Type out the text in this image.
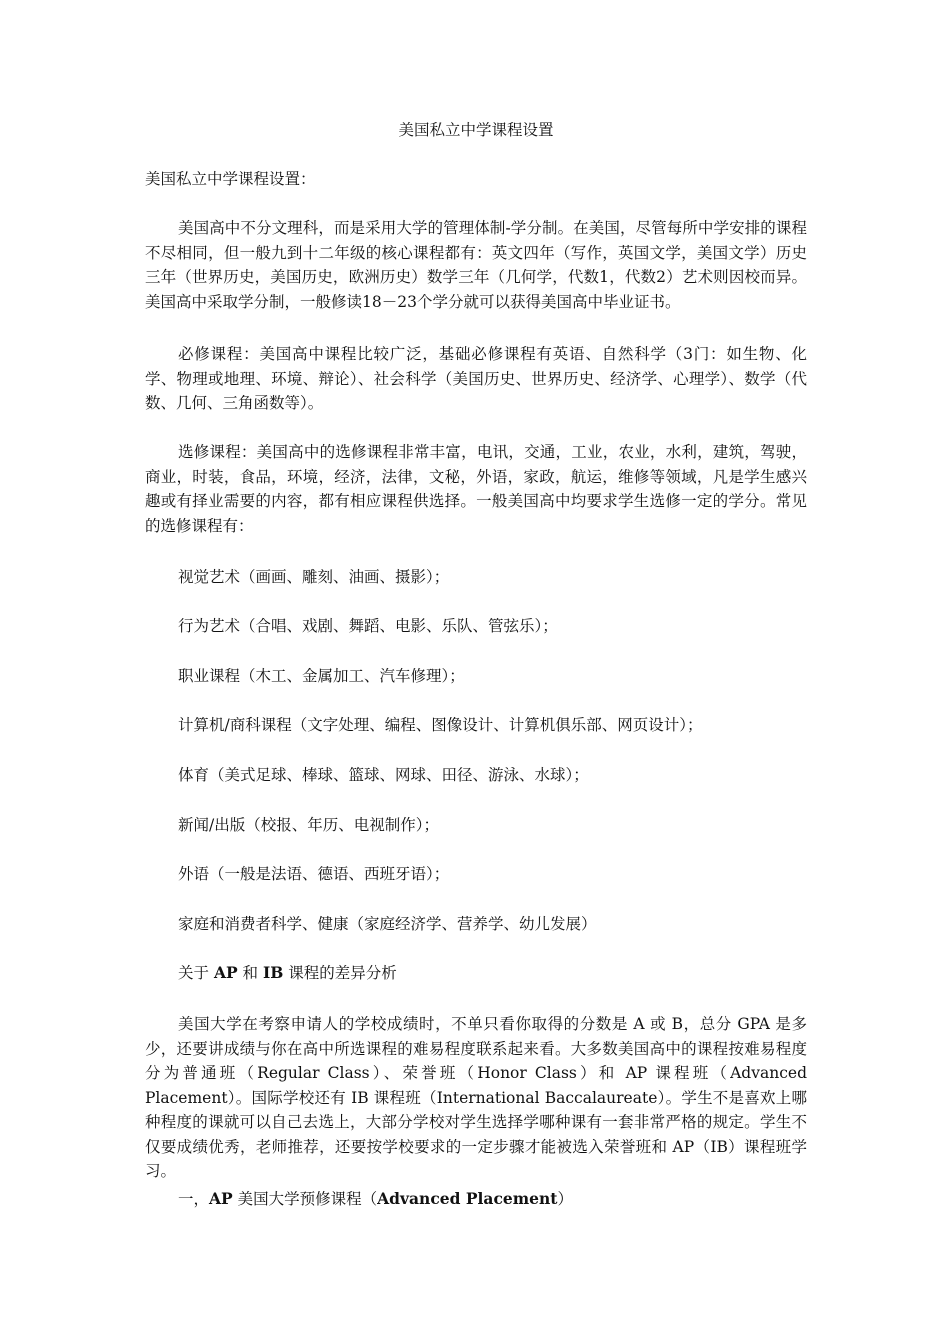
美国私立中学课程设置
美国私立中学课程设置：

美国高中不分文理科，而是采用大学的管理体制-学分制。在美国，尽管每所中学安排的课程不尽相同，但一般九到十二年级的核心课程都有：英文四年（写作，英国文学，美国文学）历史三年（世界历史，美国历史，欧洲历史）数学三年（几何学，代数1，代数2）艺术则因校而异。美国高中采取学分制，一般修读18－23个学分就可以获得美国高中毕业证书。

必修课程：美国高中课程比较广泛，基础必修课程有英语、自然科学（3门：如生物、化学、物理或地理、环境、辩论）、社会科学（美国历史、世界历史、经济学、心理学）、数学（代数、几何、三角函数等）。

选修课程：美国高中的选修课程非常丰富，电讯，交通，工业，农业，水利，建筑，驾驶，商业，时装，食品，环境，经济，法律，文秘，外语，家政，航运，维修等领域，凡是学生感兴趣或有择业需要的内容，都有相应课程供选择。一般美国高中均要求学生选修一定的学分。常见的选修课程有：

视觉艺术（画画、雕刻、油画、摄影）；
行为艺术（合唱、戏剧、舞蹈、电影、乐队、管弦乐）；
职业课程（木工、金属加工、汽车修理）；
计算机/商科课程（文字处理、编程、图像设计、计算机俱乐部、网页设计）；
体育（美式足球、棒球、篮球、网球、田径、游泳、水球）；
新闻/出版（校报、年历、电视制作）；
外语（一般是法语、德语、西班牙语）；
家庭和消费者科学、健康（家庭经济学、营养学、幼儿发展）
关于 AP 和 IB 课程的差异分析

美国大学在考察申请人的学校成绩时，不单只看你取得的分数是 A 或 B，总分 GPA 是多少，还要讲成绩与你在高中所选课程的难易程度联系起来看。大多数美国高中的课程按难易程度分为普通班（Regular Class）、荣誉班（Honor Class）和 AP 课程班（Advanced Placement）。国际学校还有 IB 课程班（International Baccalaureate）。学生不是喜欢上哪种程度的课就可以自己去选上，大部分学校对学生选择学哪种课有一套非常严格的规定。学生不仅要成绩优秀，老师推荐，还要按学校要求的一定步骤才能被选入荣誉班和 AP（IB）课程班学习。

一，AP 美国大学预修课程（Advanced Placement）
